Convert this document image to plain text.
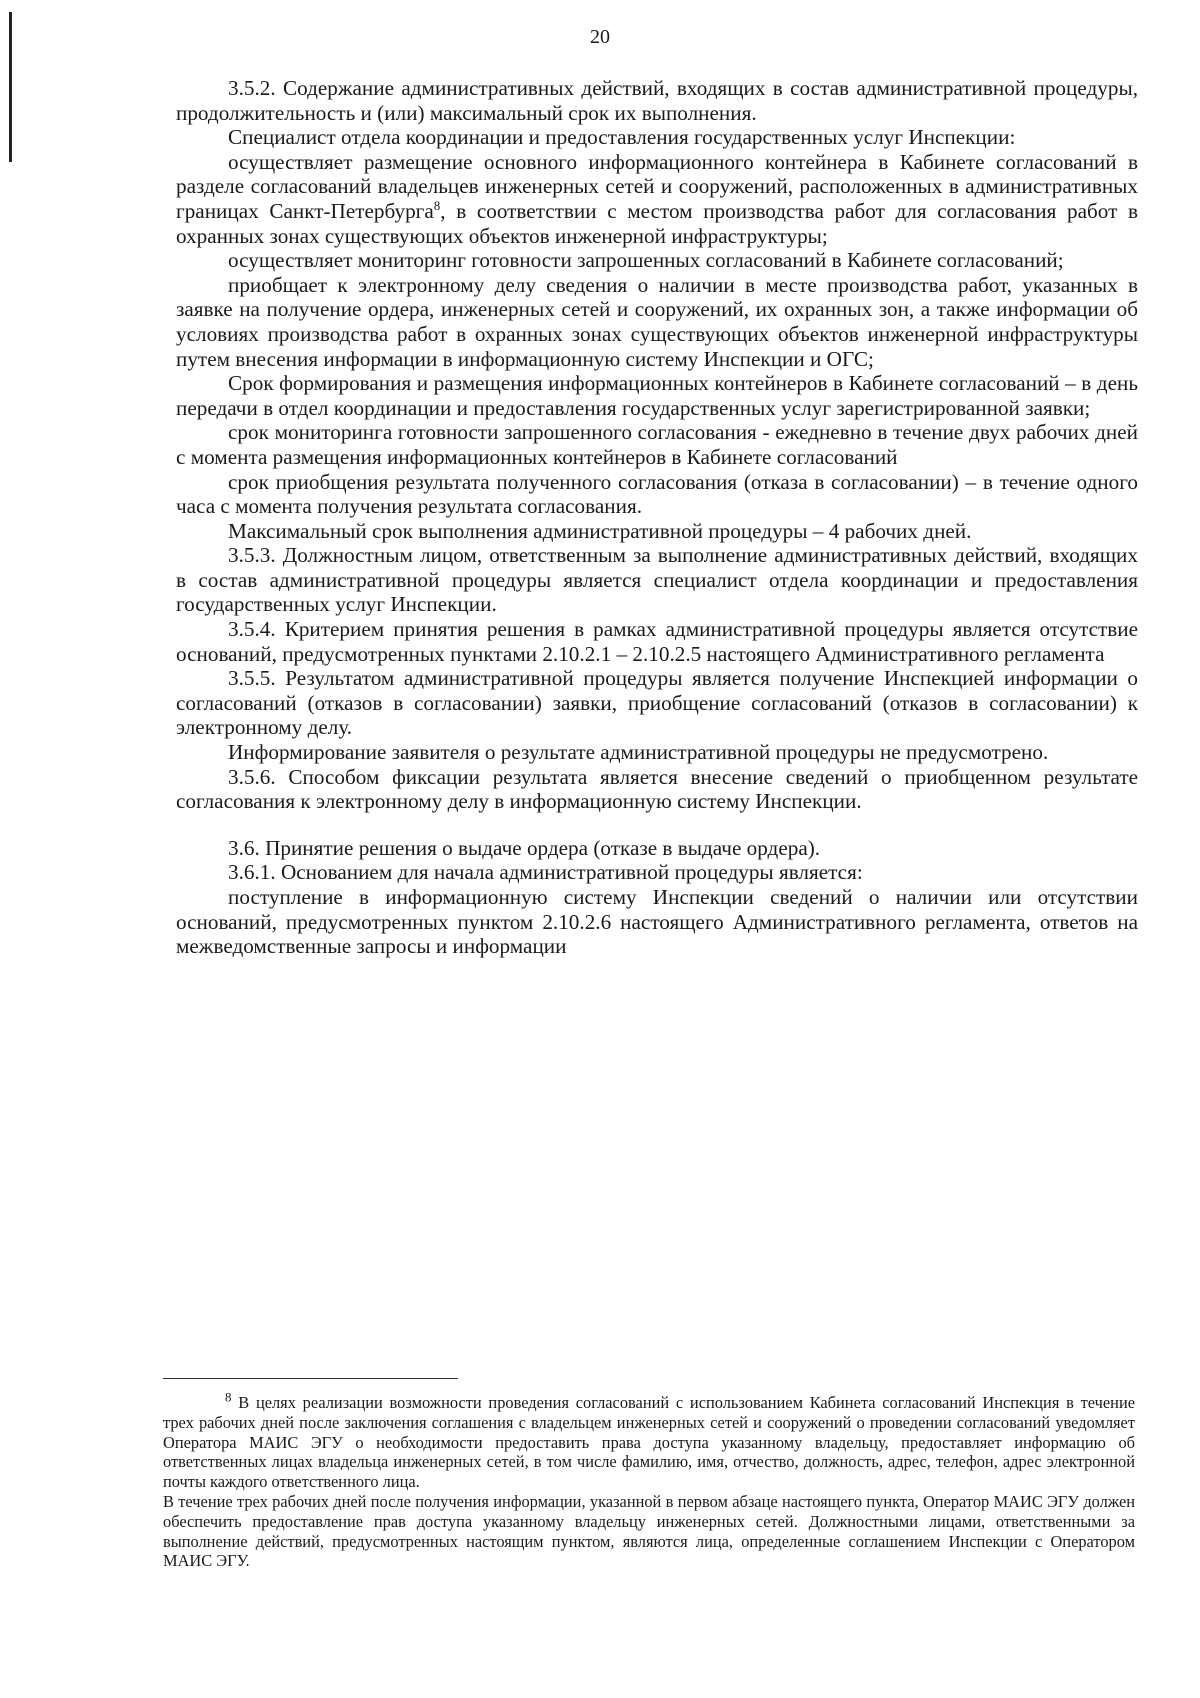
20

3.5.2. Содержание административных действий, входящих в состав административной процедуры, продолжительность и (или) максимальный срок их выполнения.

Специалист отдела координации и предоставления государственных услуг Инспекции:

осуществляет размещение основного информационного контейнера в Кабинете согласований в разделе согласований владельцев инженерных сетей и сооружений, расположенных в административных границах Санкт-Петербурга$^8$, в соответствии с местом производства работ для согласования работ в охранных зонах существующих объектов инженерной инфраструктуры;

осуществляет мониторинг готовности запрошенных согласований в Кабинете согласований;

приобщает к электронному делу сведения о наличии в месте производства работ, указанных в заявке на получение ордера, инженерных сетей и сооружений, их охранных зон, а также информации об условиях производства работ в охранных зонах существующих объектов инженерной инфраструктуры путем внесения информации в информационную систему Инспекции и ОГС;

Срок формирования и размещения информационных контейнеров в Кабинете согласований – в день передачи в отдел координации и предоставления государственных услуг зарегистрированной заявки;

срок мониторинга готовности запрошенного согласования - ежедневно в течение двух рабочих дней с момента размещения информационных контейнеров в Кабинете согласований

срок приобщения результата полученного согласования (отказа в согласовании) – в течение одного часа с момента получения результата согласования.

Максимальный срок выполнения административной процедуры – 4 рабочих дней.

3.5.3. Должностным лицом, ответственным за выполнение административных действий, входящих в состав административной процедуры является специалист отдела координации и предоставления государственных услуг Инспекции.

3.5.4. Критерием принятия решения в рамках административной процедуры является отсутствие оснований, предусмотренных пунктами 2.10.2.1 – 2.10.2.5 настоящего Административного регламента

3.5.5. Результатом административной процедуры является получение Инспекцией информации о согласований (отказов в согласовании) заявки, приобщение согласований (отказов в согласовании) к электронному делу.

Информирование заявителя о результате административной процедуры не предусмотрено.

3.5.6. Способом фиксации результата является внесение сведений о приобщенном результате согласования к электронному делу в информационную систему Инспекции.

3.6. Принятие решения о выдаче ордера (отказе в выдаче ордера).

3.6.1. Основанием для начала административной процедуры является:

поступление в информационную систему Инспекции сведений о наличии или отсутствии оснований, предусмотренных пунктом 2.10.2.6 настоящего Административного регламента, ответов на межведомственные запросы и информации

$^8$ В целях реализации возможности проведения согласований с использованием Кабинета согласований Инспекция в течение трех рабочих дней после заключения соглашения с владельцем инженерных сетей и сооружений о проведении согласований уведомляет Оператора МАИС ЭГУ о необходимости предоставить права доступа указанному владельцу, предоставляет информацию об ответственных лицах владельца инженерных сетей, в том числе фамилию, имя, отчество, должность, адрес, телефон, адрес электронной почты каждого ответственного лица.

В течение трех рабочих дней после получения информации, указанной в первом абзаце настоящего пункта, Оператор МАИС ЭГУ должен обеспечить предоставление прав доступа указанному владельцу инженерных сетей. Должностными лицами, ответственными за выполнение действий, предусмотренных настоящим пунктом, являются лица, определенные соглашением Инспекции с Оператором МАИС ЭГУ.
